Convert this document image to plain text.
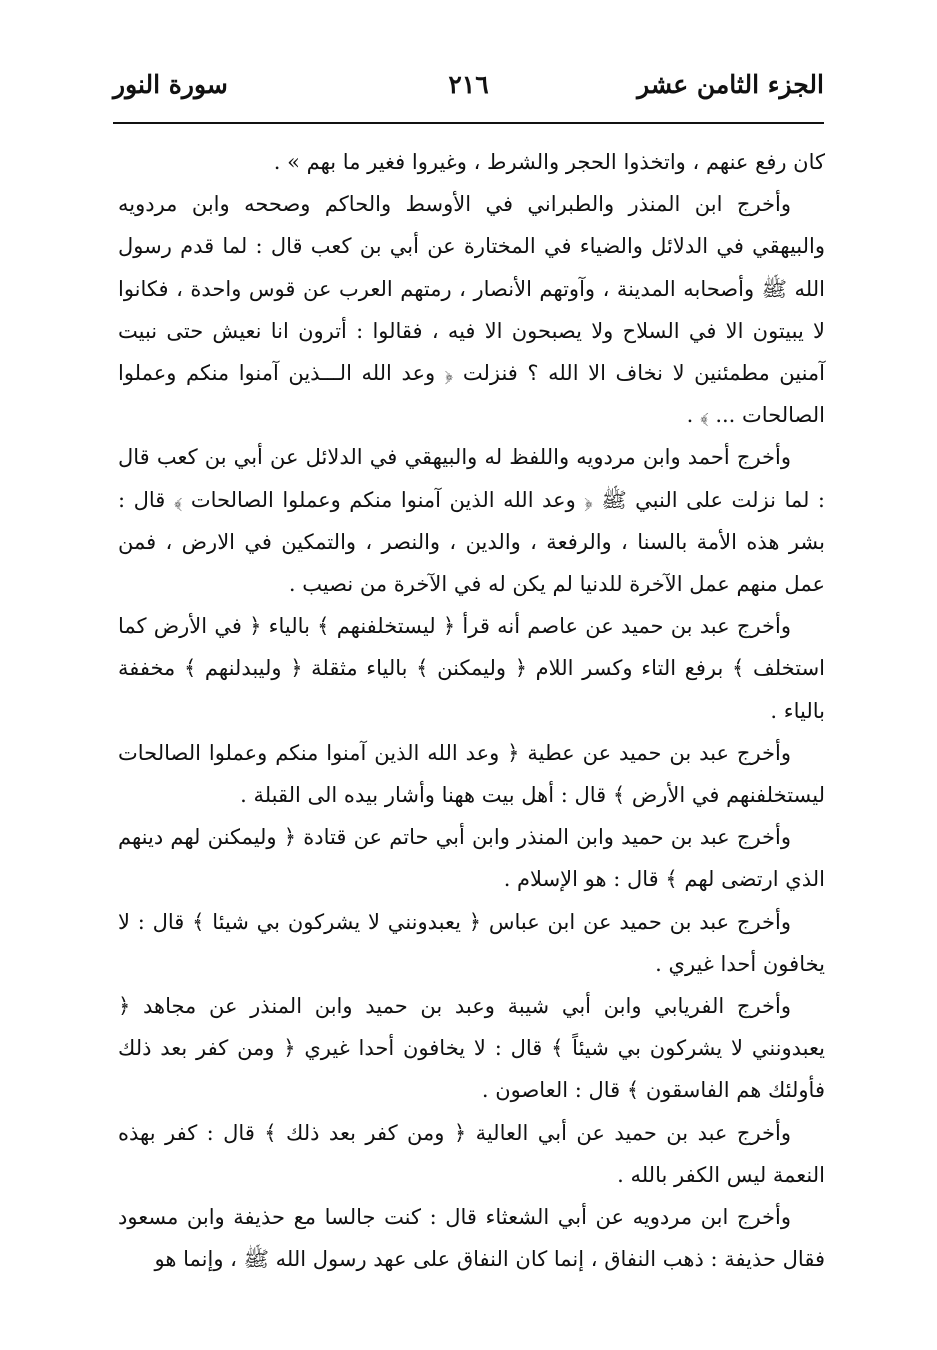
الجزء الثامن عشر
٢١٦
سورة النور

كان رفع عنهم ، واتخذوا الحجر والشرط ، وغيروا فغير ما بهم » .

وأخرج ابن المنذر والطبراني في الأوسط والحاكم وصححه وابن مردويه والبيهقي في الدلائل والضياء في المختارة عن أبي بن كعب قال : لما قدم رسول الله ﷺ وأصحابه المدينة ، وآوتهم الأنصار ، رمتهم العرب عن قوس واحدة ، فكانوا لا يبيتون الا في السلاح ولا يصبحون الا فيه ، فقالوا : أترون انا نعيش حتى نبيت آمنين مطمئنين لا نخاف الا الله ؟ فنزلت ﴿ وعد الله الـــذين آمنوا منكم وعملوا الصالحات ... ﴾ .

وأخرج أحمد وابن مردويه واللفظ له والبيهقي في الدلائل عن أبي بن كعب قال : لما نزلت على النبي ﷺ ﴿ وعد الله الذين آمنوا منكم وعملوا الصالحات ﴾ قال : بشر هذه الأمة بالسنا ، والرفعة ، والدين ، والنصر ، والتمكين في الارض ، فمن عمل منهم عمل الآخرة للدنيا لم يكن له في الآخرة من نصيب .

وأخرج عبد بن حميد عن عاصم أنه قرأ ﴿ ليستخلفنهم ﴾ بالياء ﴿ في الأرض كما استخلف ﴾ برفع التاء وكسر اللام ﴿ وليمكنن ﴾ بالياء مثقلة ﴿ وليبدلنهم ﴾ مخففة بالياء .

وأخرج عبد بن حميد عن عطية ﴿ وعد الله الذين آمنوا منكم وعملوا الصالحات ليستخلفنهم في الأرض ﴾ قال : أهل بيت ههنا وأشار بيده الى القبلة .

وأخرج عبد بن حميد وابن المنذر وابن أبي حاتم عن قتادة ﴿ وليمكنن لهم دينهم الذي ارتضى لهم ﴾ قال : هو الإسلام .

وأخرج عبد بن حميد عن ابن عباس ﴿ يعبدونني لا يشركون بي شيئا ﴾ قال : لا يخافون أحدا غيري .

وأخرج الفريابي وابن أبي شيبة وعبد بن حميد وابن المنذر عن مجاهد ﴿ يعبدونني لا يشركون بي شيئاً ﴾ قال : لا يخافون أحدا غيري ﴿ ومن كفر بعد ذلك فأولئك هم الفاسقون ﴾ قال : العاصون .

وأخرج عبد بن حميد عن أبي العالية ﴿ ومن كفر بعد ذلك ﴾ قال : كفر بهذه النعمة ليس الكفر بالله .

وأخرج ابن مردويه عن أبي الشعثاء قال : كنت جالسا مع حذيفة وابن مسعود فقال حذيفة : ذهب النفاق ، إنما كان النفاق على عهد رسول الله ﷺ ، وإنما هو
